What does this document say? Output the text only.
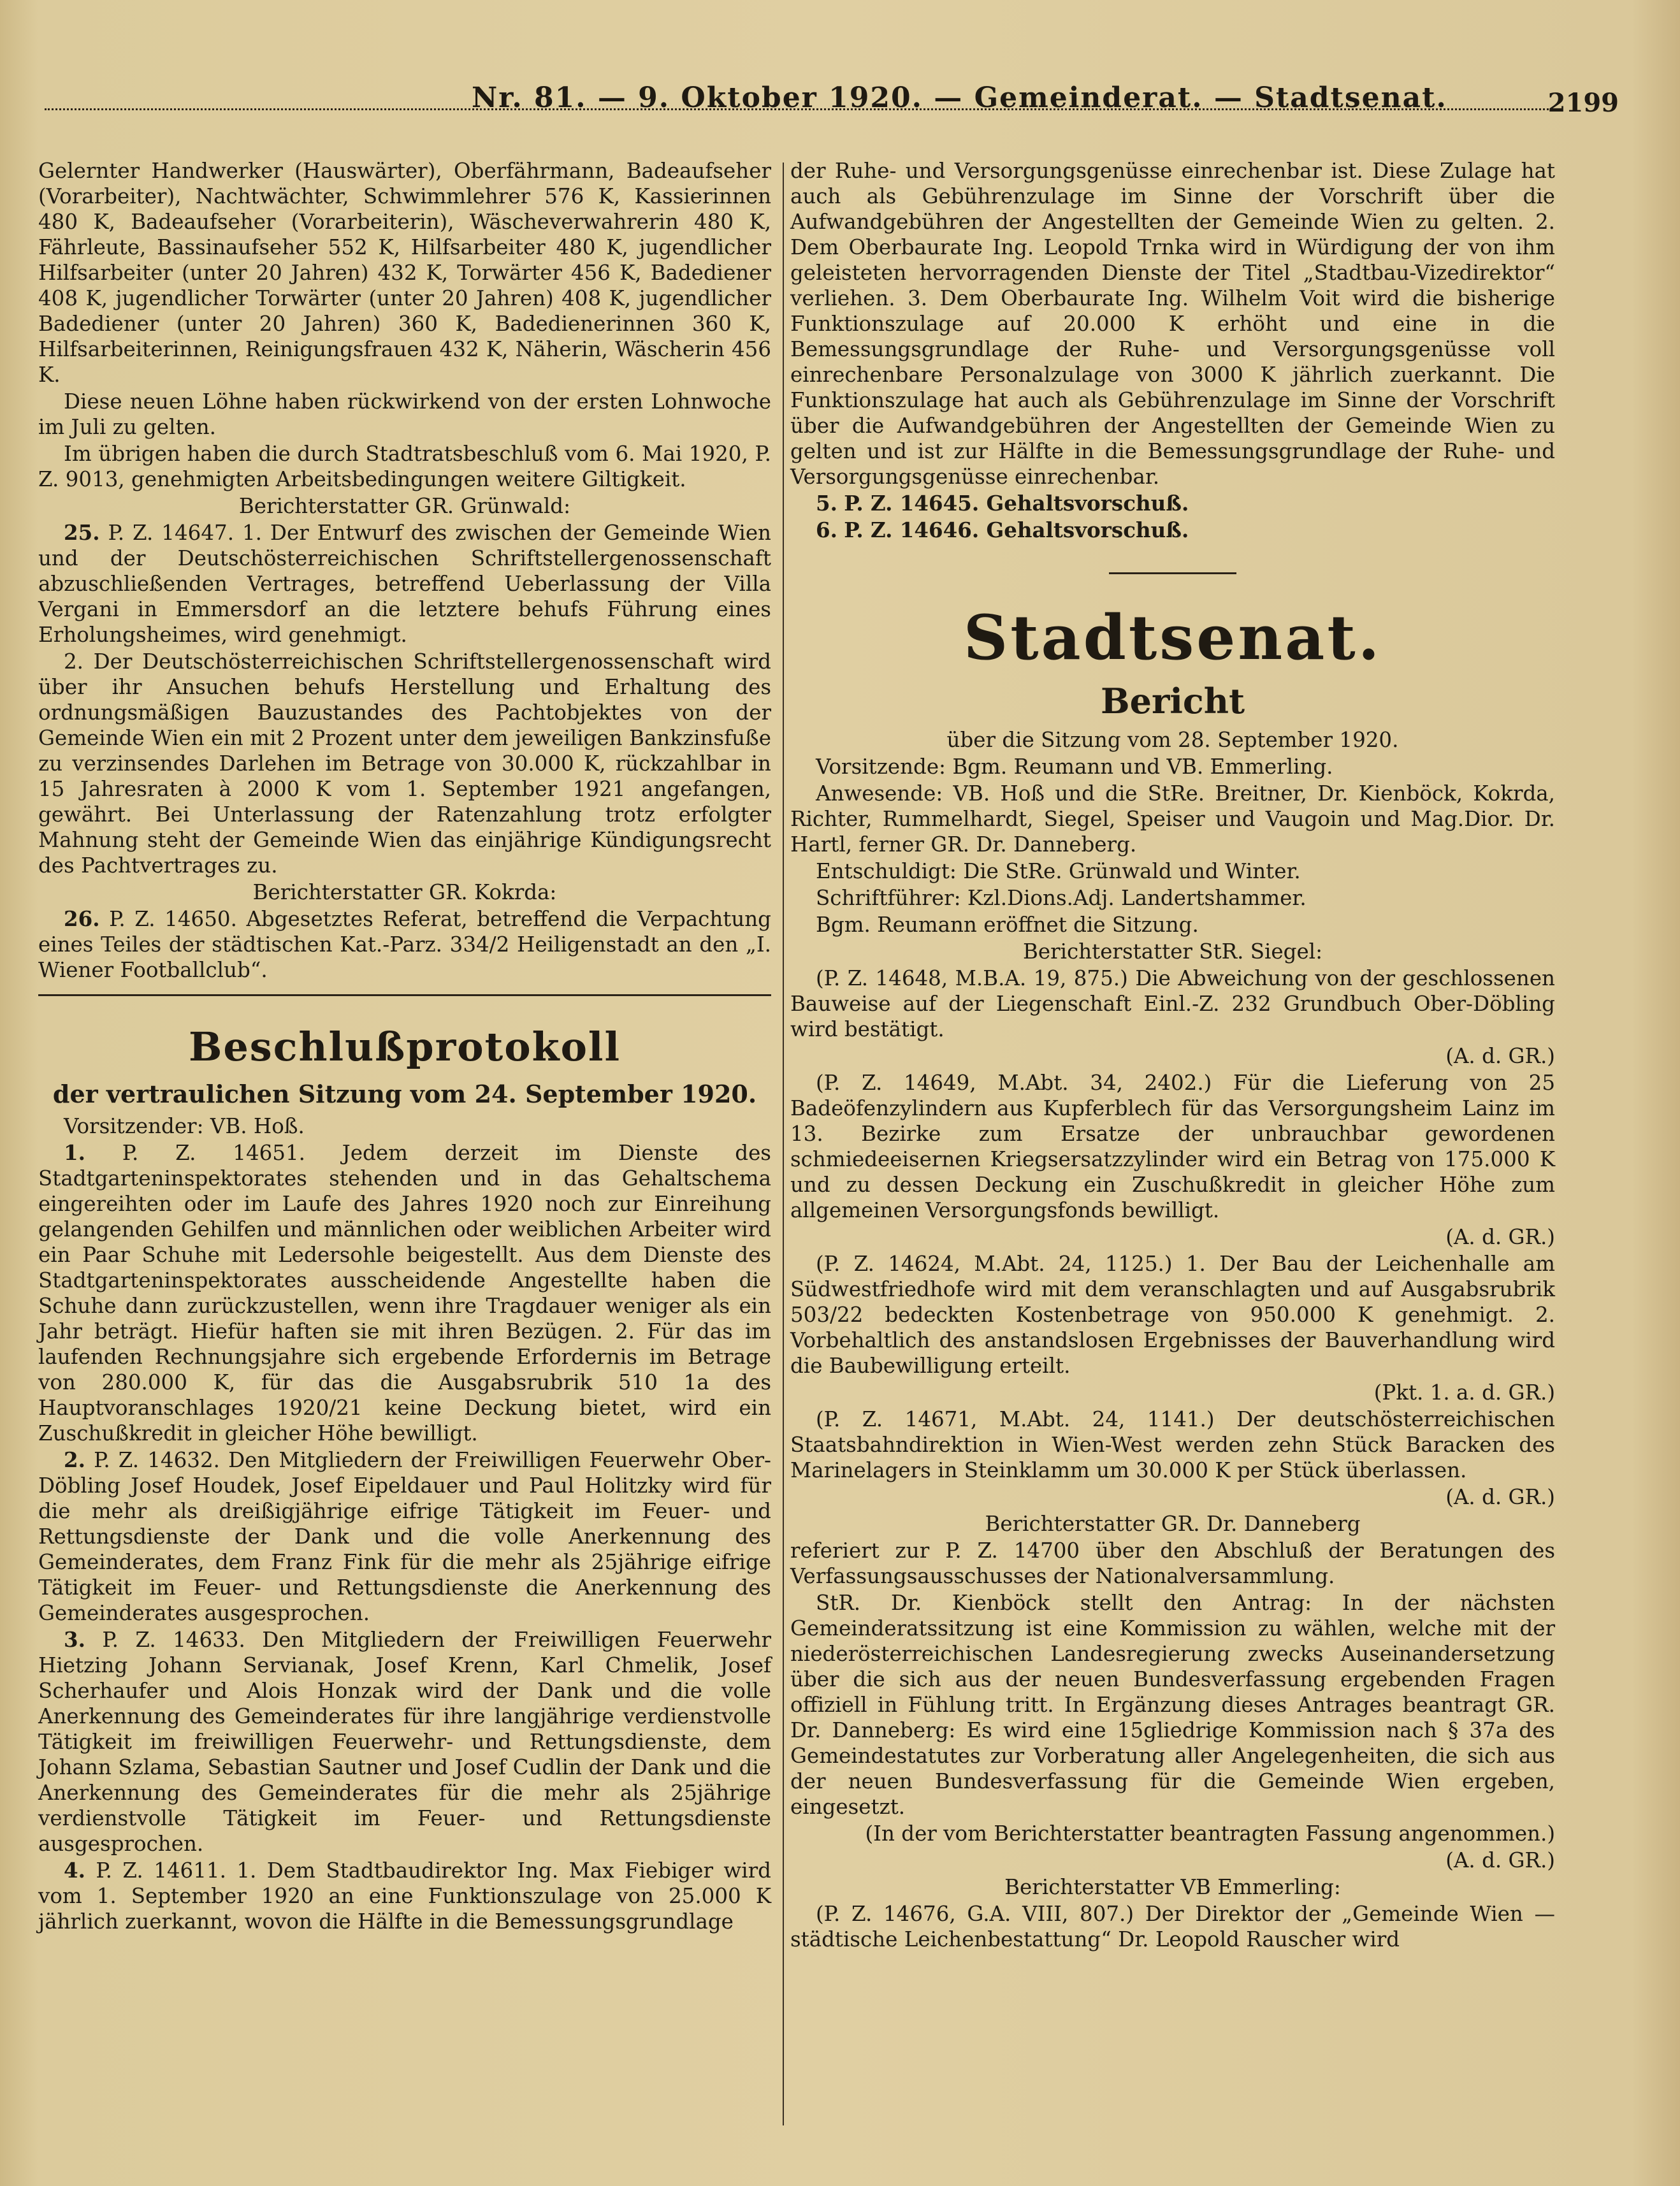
Nr. 81. — 9. Oktober 1920. — Gemeinderat. — Stadtsenat.	2199

Gelernter Handwerker (Hauswärter), Oberfährmann, Badeaufseher (Vorarbeiter), Nachtwächter, Schwimmlehrer 576 K, Kassierinnen 480 K, Badeaufseher (Vorarbeiterin), Wäscheverwahrerin 480 K, Fährleute, Bassinaufseher 552 K, Hilfsarbeiter 480 K, jugendlicher Hilfsarbeiter (unter 20 Jahren) 432 K, Torwärter 456 K, Badediener 408 K, jugendlicher Torwärter (unter 20 Jahren) 408 K, jugendlicher Badediener (unter 20 Jahren) 360 K, Badedienerinnen 360 K, Hilfsarbeiterinnen, Reinigungsfrauen 432 K, Näherin, Wäscherin 456 K.

Diese neuen Löhne haben rückwirkend von der ersten Lohnwoche im Juli zu gelten.

Im übrigen haben die durch Stadtratsbeschluß vom 6. Mai 1920, P. Z. 9013, genehmigten Arbeitsbedingungen weitere Giltigkeit.

Berichterstatter GR. Grünwald:

25. P. Z. 14647. 1. Der Entwurf des zwischen der Gemeinde Wien und der Deutschösterreichischen Schriftstellergenossenschaft abzuschließenden Vertrages, betreffend Ueberlassung der Villa Vergani in Emmersdorf an die letztere behufs Führung eines Erholungsheimes, wird genehmigt.

2. Der Deutschösterreichischen Schriftstellergenossenschaft wird über ihr Ansuchen behufs Herstellung und Erhaltung des ordnungsmäßigen Bauzustandes des Pachtobjektes von der Gemeinde Wien ein mit 2 Prozent unter dem jeweiligen Bankzinsfuße zu verzinsendes Darlehen im Betrage von 30.000 K, rückzahlbar in 15 Jahresraten à 2000 K vom 1. September 1921 angefangen, gewährt. Bei Unterlassung der Ratenzahlung trotz erfolgter Mahnung steht der Gemeinde Wien das einjährige Kündigungsrecht des Pachtvertrages zu.

Berichterstatter GR. Kokrda:

26. P. Z. 14650. Abgesetztes Referat, betreffend die Verpachtung eines Teiles der städtischen Kat.-Parz. 334/2 Heiligenstadt an den „I. Wiener Footballclub“.

Beschlußprotokoll
der vertraulichen Sitzung vom 24. September 1920.

Vorsitzender: VB. Hoß.

1. P. Z. 14651. Jedem derzeit im Dienste des Stadtgarteninspektorates stehenden und in das Gehaltschema eingereihten oder im Laufe des Jahres 1920 noch zur Einreihung gelangenden Gehilfen und männlichen oder weiblichen Arbeiter wird ein Paar Schuhe mit Ledersohle beigestellt. Aus dem Dienste des Stadtgarteninspektorates ausscheidende Angestellte haben die Schuhe dann zurückzustellen, wenn ihre Tragdauer weniger als ein Jahr beträgt. Hiefür haften sie mit ihren Bezügen. 2. Für das im laufenden Rechnungsjahre sich ergebende Erfordernis im Betrage von 280.000 K, für das die Ausgabsrubrik 510 1a des Hauptvoranschlages 1920/21 keine Deckung bietet, wird ein Zuschußkredit in gleicher Höhe bewilligt.

2. P. Z. 14632. Den Mitgliedern der Freiwilligen Feuerwehr Ober-Döbling Josef Houdek, Josef Eipeldauer und Paul Holitzky wird für die mehr als dreißigjährige eifrige Tätigkeit im Feuer- und Rettungsdienste der Dank und die volle Anerkennung des Gemeinderates, dem Franz Fink für die mehr als 25jährige eifrige Tätigkeit im Feuer- und Rettungsdienste die Anerkennung des Gemeinderates ausgesprochen.

3. P. Z. 14633. Den Mitgliedern der Freiwilligen Feuerwehr Hietzing Johann Servianak, Josef Krenn, Karl Chmelik, Josef Scherhaufer und Alois Honzak wird der Dank und die volle Anerkennung des Gemeinderates für ihre langjährige verdienstvolle Tätigkeit im freiwilligen Feuerwehr- und Rettungsdienste, dem Johann Szlama, Sebastian Sautner und Josef Cudlin der Dank und die Anerkennung des Gemeinderates für die mehr als 25jährige verdienstvolle Tätigkeit im Feuer- und Rettungsdienste ausgesprochen.

4. P. Z. 14611. 1. Dem Stadtbaudirektor Ing. Max Fiebiger wird vom 1. September 1920 an eine Funktionszulage von 25.000 K jährlich zuerkannt, wovon die Hälfte in die Bemessungsgrundlage

der Ruhe- und Versorgungsgenüsse einrechenbar ist. Diese Zulage hat auch als Gebührenzulage im Sinne der Vorschrift über die Aufwandgebühren der Angestellten der Gemeinde Wien zu gelten. 2. Dem Oberbaurate Ing. Leopold Trnka wird in Würdigung der von ihm geleisteten hervorragenden Dienste der Titel „Stadtbau-Vizedirektor“ verliehen. 3. Dem Oberbaurate Ing. Wilhelm Voit wird die bisherige Funktionszulage auf 20.000 K erhöht und eine in die Bemessungsgrundlage der Ruhe- und Versorgungsgenüsse voll einrechenbare Personalzulage von 3000 K jährlich zuerkannt. Die Funktionszulage hat auch als Gebührenzulage im Sinne der Vorschrift über die Aufwandgebühren der Angestellten der Gemeinde Wien zu gelten und ist zur Hälfte in die Bemessungsgrundlage der Ruhe- und Versorgungsgenüsse einrechenbar.

5. P. Z. 14645. Gehaltsvorschuß.

6. P. Z. 14646. Gehaltsvorschuß.

Stadtsenat.
Bericht

über die Sitzung vom 28. September 1920.

Vorsitzende: Bgm. Reumann und VB. Emmerling.

Anwesende: VB. Hoß und die StRe. Breitner, Dr. Kienböck, Kokrda, Richter, Rummelhardt, Siegel, Speiser und Vaugoin und Mag.Dior. Dr. Hartl, ferner GR. Dr. Danneberg.

Entschuldigt: Die StRe. Grünwald und Winter.

Schriftführer: Kzl.Dions.Adj. Landertshammer.

Bgm. Reumann eröffnet die Sitzung.

Berichterstatter StR. Siegel:

(P. Z. 14648, M.B.A. 19, 875.) Die Abweichung von der geschlossenen Bauweise auf der Liegenschaft Einl.-Z. 232 Grundbuch Ober-Döbling wird bestätigt.

(A. d. GR.)

(P. Z. 14649, M.Abt. 34, 2402.) Für die Lieferung von 25 Badeöfenzylindern aus Kupferblech für das Versorgungsheim Lainz im 13. Bezirke zum Ersatze der unbrauchbar gewordenen schmiedeeisernen Kriegsersatzzylinder wird ein Betrag von 175.000 K und zu dessen Deckung ein Zuschußkredit in gleicher Höhe zum allgemeinen Versorgungsfonds bewilligt.

(A. d. GR.)

(P. Z. 14624, M.Abt. 24, 1125.) 1. Der Bau der Leichenhalle am Südwestfriedhofe wird mit dem veranschlagten und auf Ausgabsrubrik 503/22 bedeckten Kostenbetrage von 950.000 K genehmigt. 2. Vorbehaltlich des anstandslosen Ergebnisses der Bauverhandlung wird die Baubewilligung erteilt.

(Pkt. 1. a. d. GR.)

(P. Z. 14671, M.Abt. 24, 1141.) Der deutschösterreichischen Staatsbahndirektion in Wien-West werden zehn Stück Baracken des Marinelagers in Steinklamm um 30.000 K per Stück überlassen.

(A. d. GR.)

Berichterstatter GR. Dr. Danneberg

referiert zur P. Z. 14700 über den Abschluß der Beratungen des Verfassungsausschusses der Nationalversammlung.

StR. Dr. Kienböck stellt den Antrag: In der nächsten Gemeinderatssitzung ist eine Kommission zu wählen, welche mit der niederösterreichischen Landesregierung zwecks Auseinandersetzung über die sich aus der neuen Bundesverfassung ergebenden Fragen offiziell in Fühlung tritt. In Ergänzung dieses Antrages beantragt GR. Dr. Danneberg: Es wird eine 15gliedrige Kommission nach § 37a des Gemeindestatutes zur Vorberatung aller Angelegenheiten, die sich aus der neuen Bundesverfassung für die Gemeinde Wien ergeben, eingesetzt.

(In der vom Berichterstatter beantragten Fassung angenommen.)

(A. d. GR.)

Berichterstatter VB Emmerling:

(P. Z. 14676, G.A. VIII, 807.) Der Direktor der „Gemeinde Wien — städtische Leichenbestattung“ Dr. Leopold Rauscher wird
